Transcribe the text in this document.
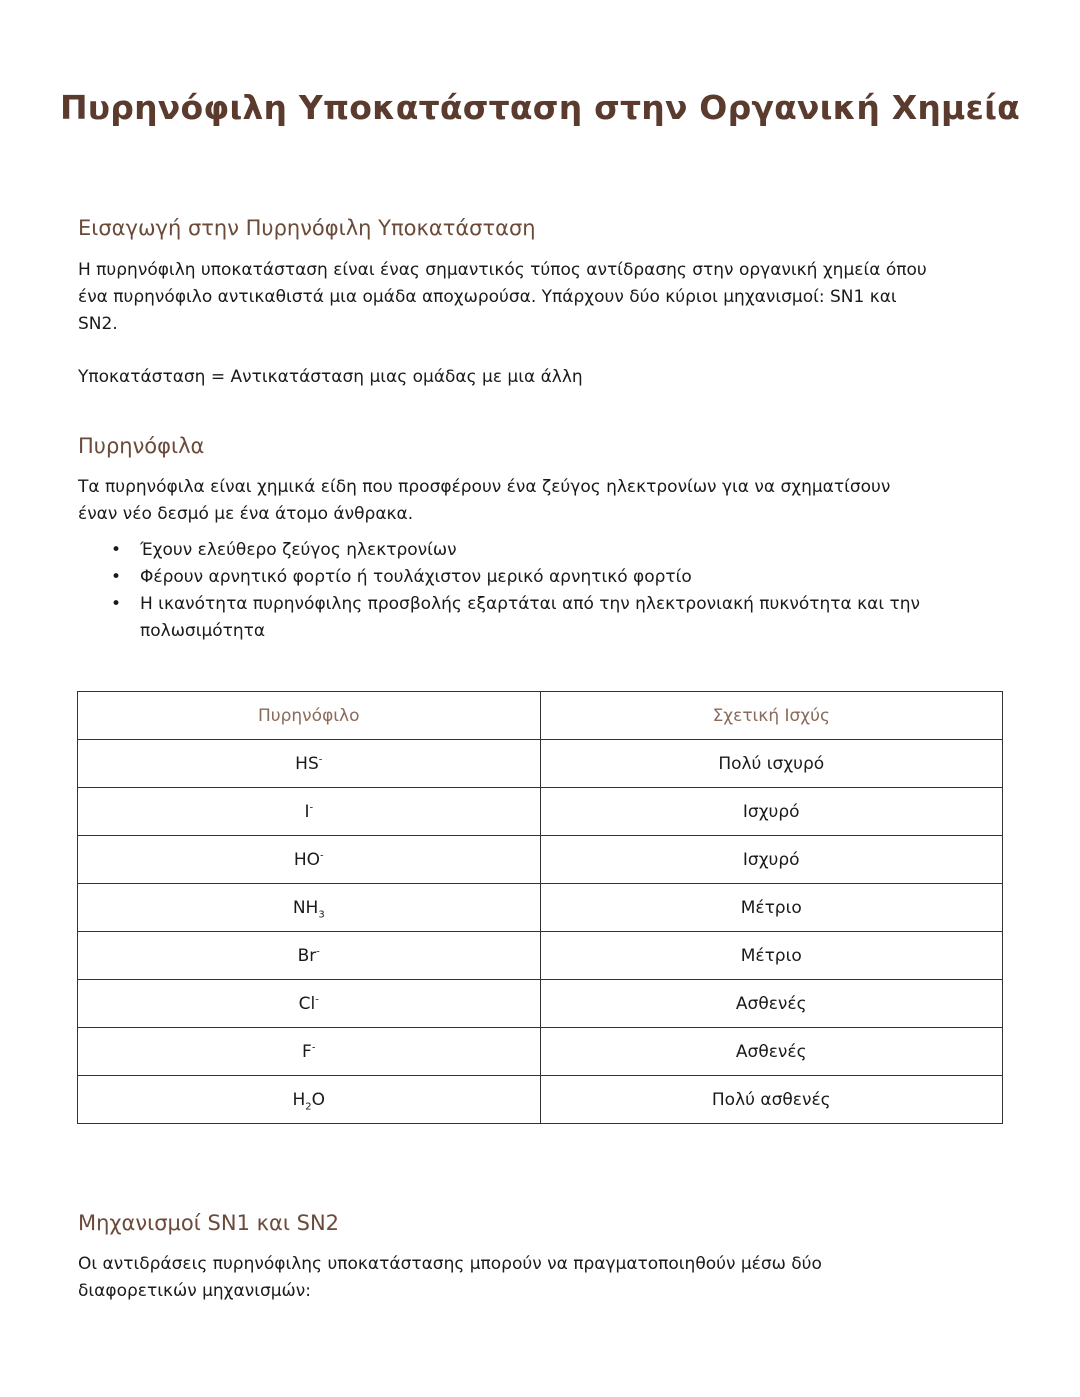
Πυρηνόφιλη Υποκατάσταση στην Οργανική Χημεία
Εισαγωγή στην Πυρηνόφιλη Υποκατάσταση

Η πυρηνόφιλη υποκατάσταση είναι ένας σημαντικός τύπος αντίδρασης στην οργανική χημεία όπου
ένα πυρηνόφιλο αντικαθιστά μια ομάδα αποχωρούσα. Υπάρχουν δύο κύριοι μηχανισμοί: SN1 και
SN2.

Υποκατάσταση = Αντικατάσταση μιας ομάδας με μια άλλη

Πυρηνόφιλα

Τα πυρηνόφιλα είναι χημικά είδη που προσφέρουν ένα ζεύγος ηλεκτρονίων για να σχηματίσουν
έναν νέο δεσμό με ένα άτομο άνθρακα.

• Έχουν ελεύθερο ζεύγος ηλεκτρονίων
• Φέρουν αρνητικό φορτίο ή τουλάχιστον μερικό αρνητικό φορτίο
• Η ικανότητα πυρηνόφιλης προσβολής εξαρτάται από την ηλεκτρονιακή πυκνότητα και την
πολωσιμότητα
Πυρηνόφιλο	Σχετική Ισχύς
HS-	Πολύ ισχυρό
I-	Ισχυρό
HO-	Ισχυρό
$NH_3$	Μέτριο
Br-	Μέτριο
Cl-	Ασθενές
F-	Ασθενές
$H_2O$	Πολύ ασθενές
Μηχανισμοί SN1 και SN2

Οι αντιδράσεις πυρηνόφιλης υποκατάστασης μπορούν να πραγματοποιηθούν μέσω δύο
διαφορετικών μηχανισμών:
